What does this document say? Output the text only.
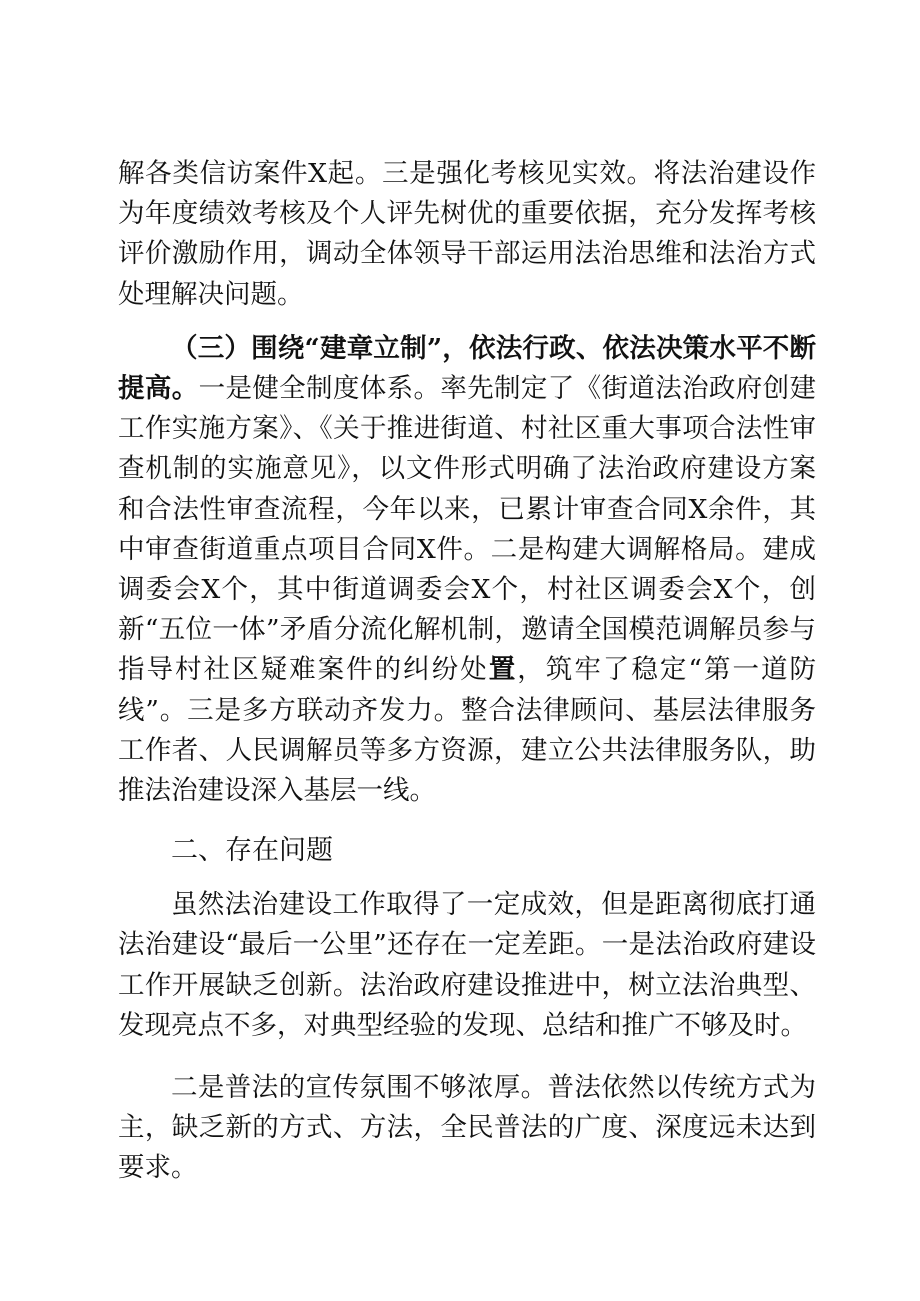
解各类信访案件X起。三是强化考核见实效。将法治建设作为年度绩效考核及个人评先树优的重要依据，充分发挥考核评价激励作用，调动全体领导干部运用法治思维和法治方式处理解决问题。

（三）围绕“建章立制”，依法行政、依法决策水平不断提高。一是健全制度体系。率先制定了《街道法治政府创建工作实施方案》、《关于推进街道、村社区重大事项合法性审查机制的实施意见》，以文件形式明确了法治政府建设方案和合法性审查流程，今年以来，已累计审查合同X余件，其中审查街道重点项目合同X件。二是构建大调解格局。建成调委会X个，其中街道调委会X个，村社区调委会X个，创新“五位一体”矛盾分流化解机制，邀请全国模范调解员参与指导村社区疑难案件的纠纷处置，筑牢了稳定“第一道防线”。三是多方联动齐发力。整合法律顾问、基层法律服务工作者、人民调解员等多方资源，建立公共法律服务队，助推法治建设深入基层一线。

二、存在问题

虽然法治建设工作取得了一定成效，但是距离彻底打通法治建设“最后一公里”还存在一定差距。一是法治政府建设工作开展缺乏创新。法治政府建设推进中，树立法治典型、发现亮点不多，对典型经验的发现、总结和推广不够及时。

二是普法的宣传氛围不够浓厚。普法依然以传统方式为主，缺乏新的方式、方法，全民普法的广度、深度远未达到要求。
